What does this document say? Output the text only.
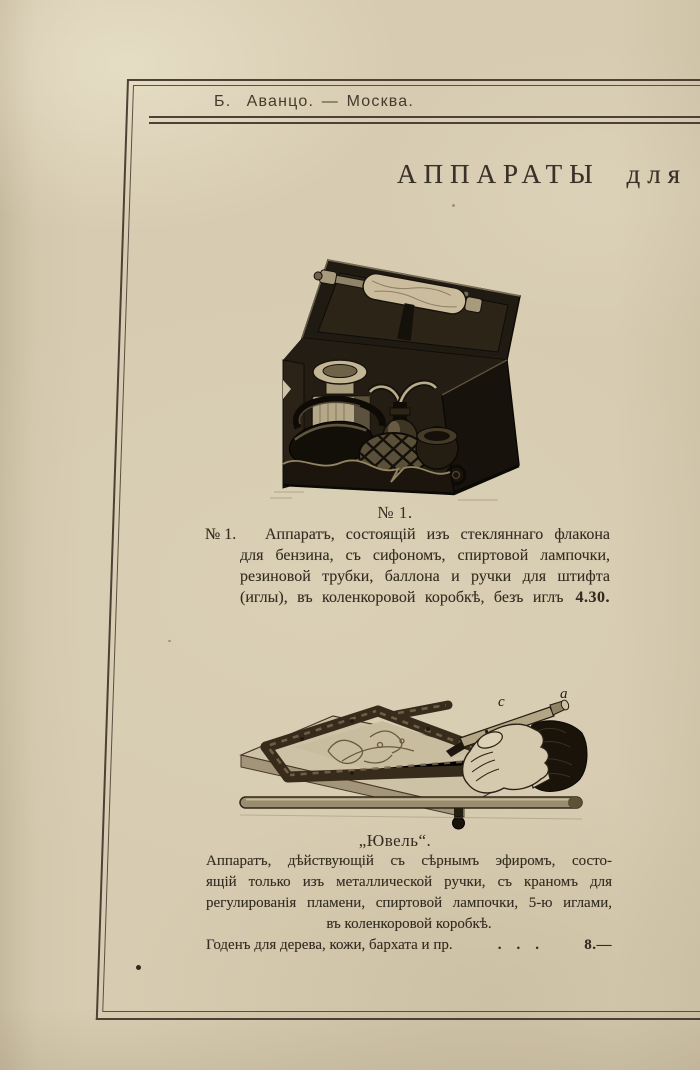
Б.  Аванцо. — Москва.
АППАРАТЫ для
№ 1.
№ 1. Аппаратъ, состоящій изъ стекляннаго флакона
для бензина, съ сифономъ, спиртовой лампочки,
резиновой трубки, баллона и ручки для штифта
(иглы), въ коленкоровой коробкѣ, безъ иглъ 4.30.
c	a
„Ювель“.
Аппаратъ, дѣйствующій съ сѣрнымъ эфиромъ, состо-
ящій только изъ металлической ручки, съ краномъ для
регулированія пламени, спиртовой лампочки, 5-ю иглами,
въ коленкоровой коробкѣ.
Годенъ для дерева, кожи, бархата и пр.	.    .    .	8.—
